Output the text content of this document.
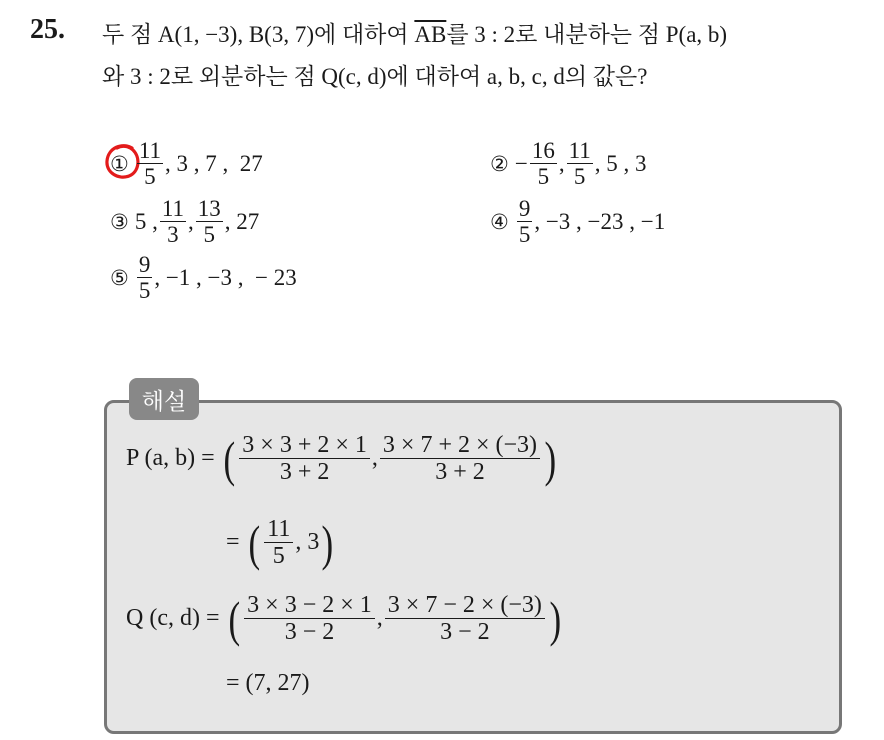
25. 두 점 A(1, −3), B(3, 7)에 대하여 $\overline{AB}$를 3 : 2로 내분하는 점 P(a, b)
와 3 : 2로 외분하는 점 Q(c, d)에 대하여 a, b, c, d의 값은?
① $\frac{11}{5}$ , 3 , 7 ,  27	② − $\frac{16}{5}$ , $\frac{11}{5}$ , 5 , 3
③ 5 , $\frac{11}{3}$ , $\frac{13}{5}$ , 27	④ $\frac{9}{5}$ , −3 , −23 , −1
⑤ $\frac{9}{5}$ , −1 , −3 ,  − 23
해설
P (a, b) = ( $\frac{3 \times 3 + 2 \times 1}{3 + 2}$ , $\frac{3 \times 7 + 2 \times (-3)}{3 + 2}$ )
= ( $\frac{11}{5}$ , 3 )
Q (c, d) = ( $\frac{3 \times 3 - 2 \times 1}{3 - 2}$ , $\frac{3 \times 7 - 2 \times (-3)}{3 - 2}$ )
= (7, 27)
